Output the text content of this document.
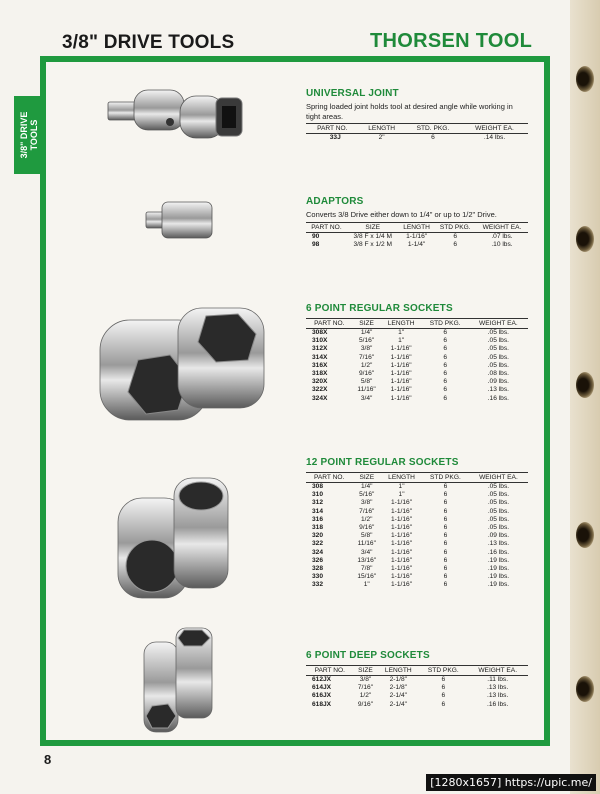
3/8" DRIVE TOOLS	THORSEN TOOL
3/8" DRIVE TOOLS
UNIVERSAL JOINT
Spring loaded joint holds tool at desired angle while working in tight areas.
PART NO.	LENGTH	STD. PKG.	WEIGHT EA.
33J	2"	6	.14 lbs.
ADAPTORS
Converts 3/8 Drive either down to 1/4" or up to 1/2" Drive.
PART NO.	SIZE	LENGTH	STD PKG.	WEIGHT EA.
90	3/8 F x 1/4 M	1-1/16"	6	.07 lbs.
98	3/8 F x 1/2 M	1-1/4"	6	.10 lbs.
6 POINT REGULAR SOCKETS
PART NO.	SIZE	LENGTH	STD PKG.	WEIGHT EA.
308X	1/4"	1"	6	.05 lbs.
310X	5/16"	1"	6	.05 lbs.
312X	3/8"	1-1/16"	6	.05 lbs.
314X	7/16"	1-1/16"	6	.05 lbs.
316X	1/2"	1-1/16"	6	.05 lbs.
318X	9/16"	1-1/16"	6	.08 lbs.
320X	5/8"	1-1/16"	6	.09 lbs.
322X	11/16"	1-1/16"	6	.13 lbs.
324X	3/4"	1-1/16"	6	.16 lbs.
12 POINT REGULAR SOCKETS
PART NO.	SIZE	LENGTH	STD PKG.	WEIGHT EA.
308	1/4"	1"	6	.05 lbs.
310	5/16"	1"	6	.05 lbs.
312	3/8"	1-1/16"	6	.05 lbs.
314	7/16"	1-1/16"	6	.05 lbs.
316	1/2"	1-1/16"	6	.05 lbs.
318	9/16"	1-1/16"	6	.05 lbs.
320	5/8"	1-1/16"	6	.09 lbs.
322	11/16"	1-1/16"	6	.13 lbs.
324	3/4"	1-1/16"	6	.16 lbs.
326	13/16"	1-1/16"	6	.19 lbs.
328	7/8"	1-1/16"	6	.19 lbs.
330	15/16"	1-1/16"	6	.19 lbs.
332	1"	1-1/16"	6	.19 lbs.
6 POINT DEEP SOCKETS
PART NO.	SIZE	LENGTH	STD PKG.	WEIGHT EA.
612JX	3/8"	2-1/8"	6	.11 lbs.
614JX	7/16"	2-1/8"	6	.13 lbs.
616JX	1/2"	2-1/4"	6	.13 lbs.
618JX	9/16"	2-1/4"	6	.16 lbs.
8
[1280x1657] https://upic.me/
